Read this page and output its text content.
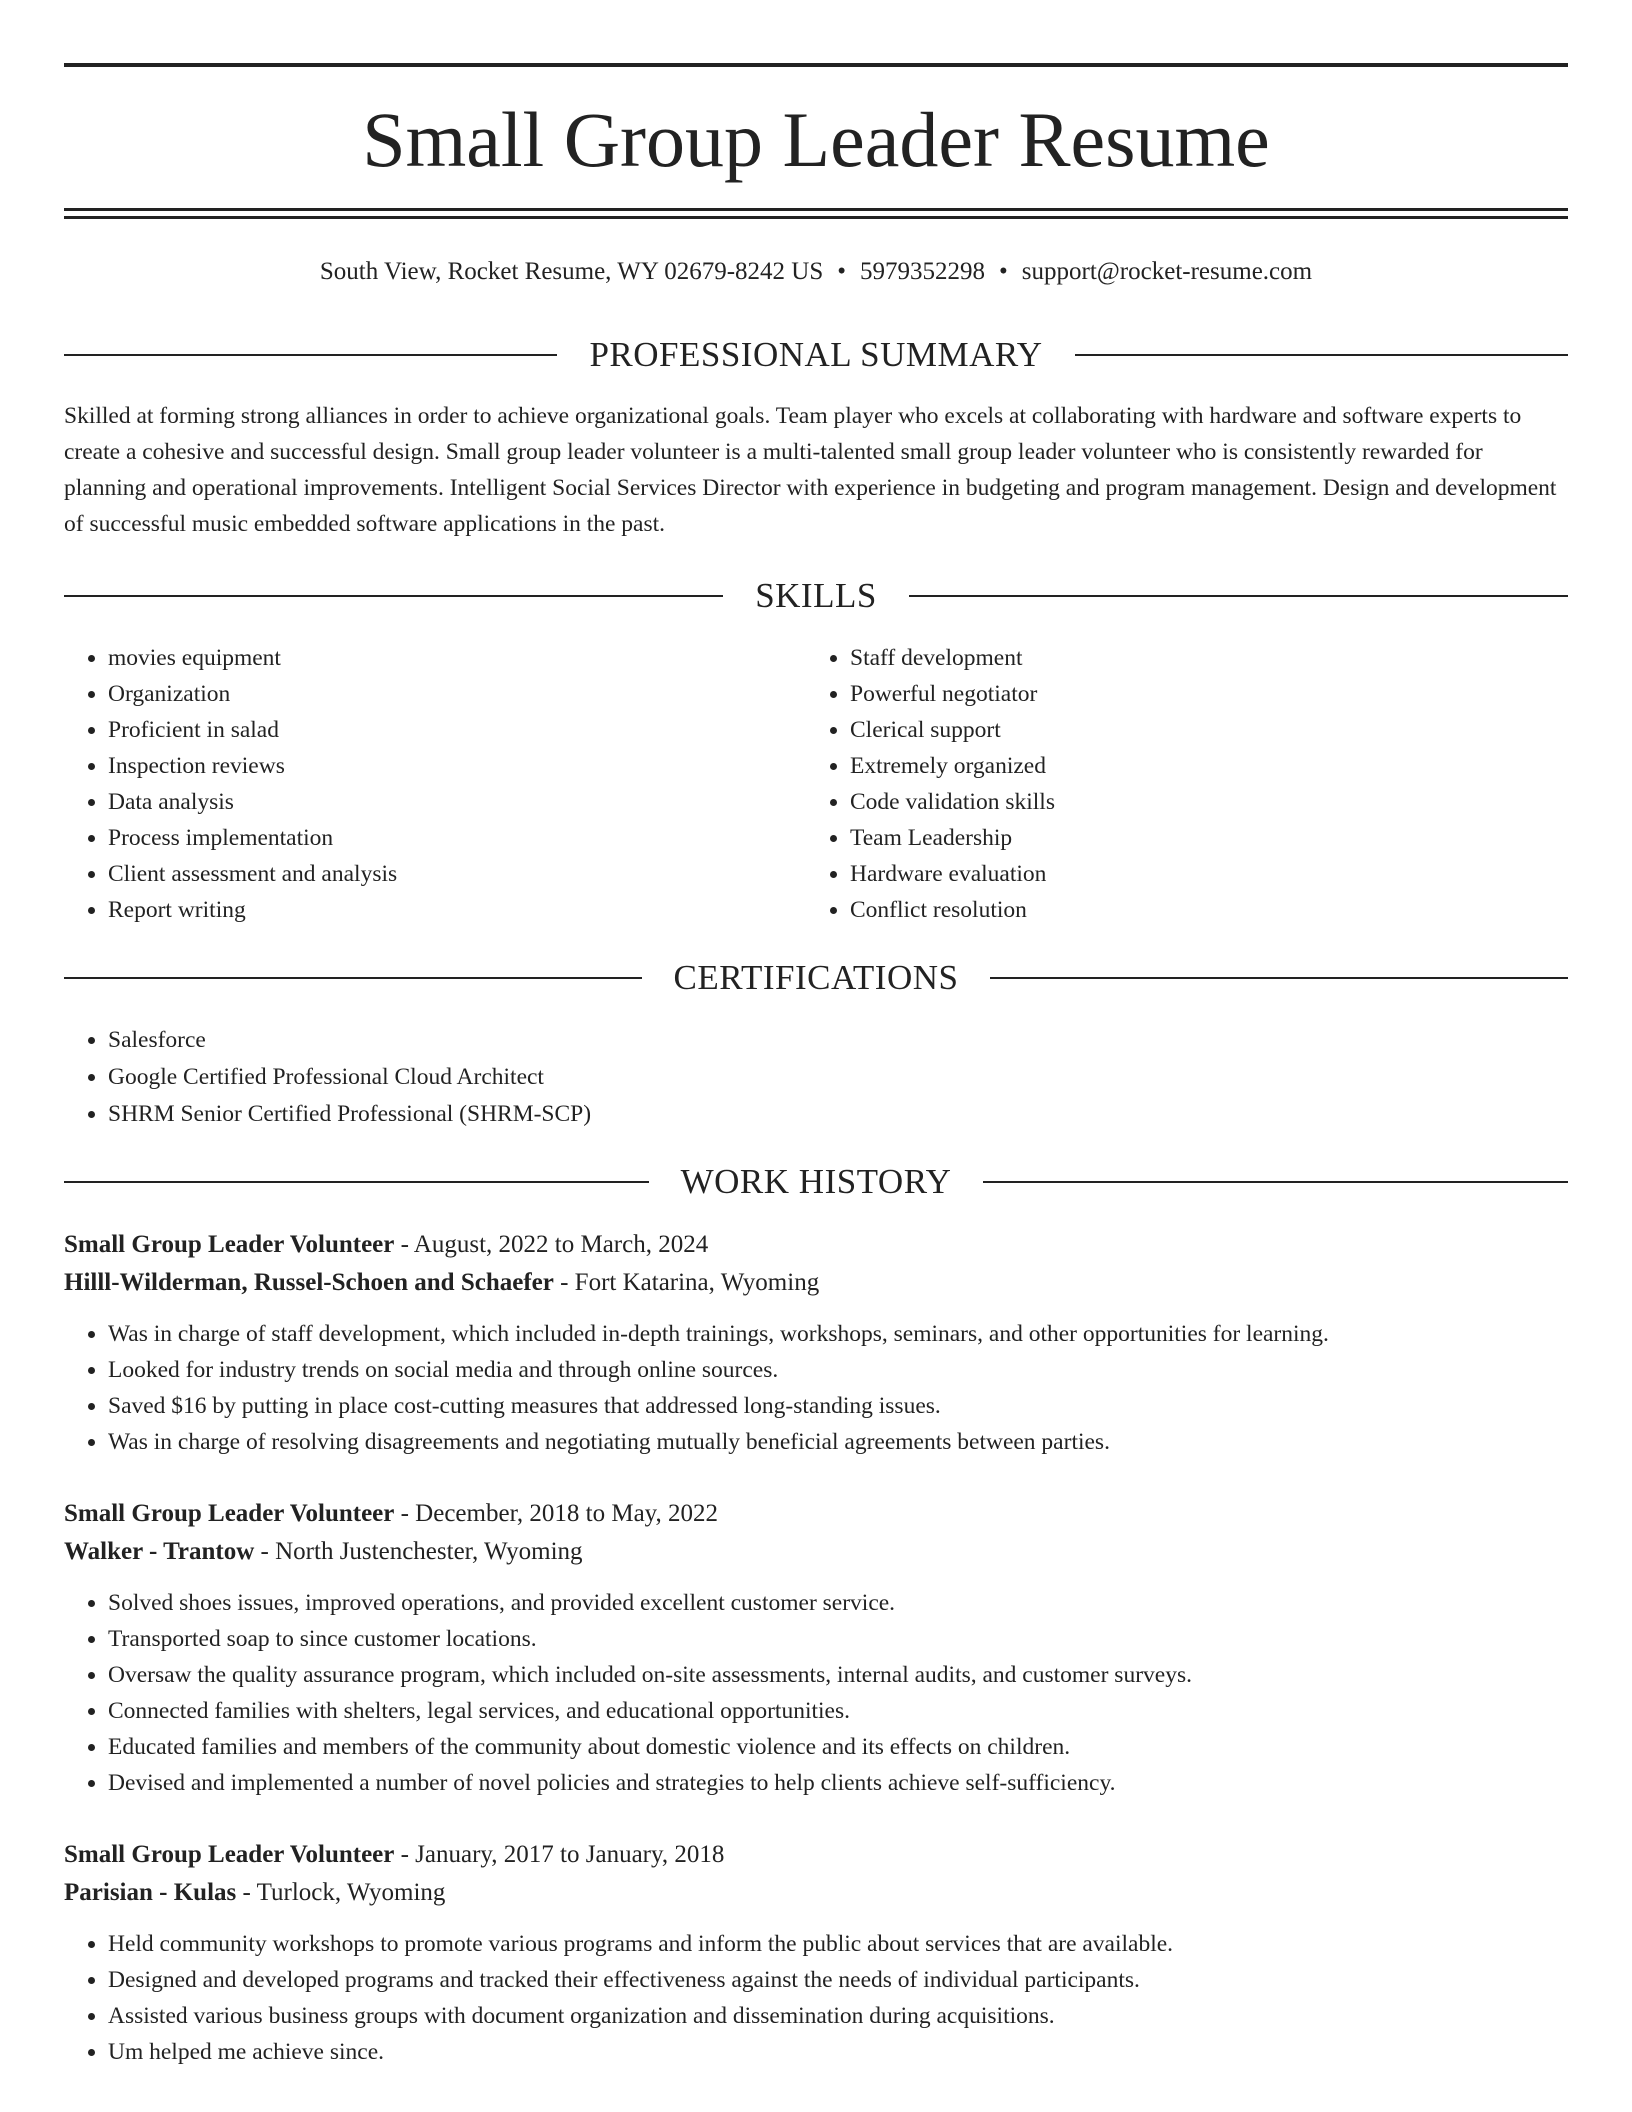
Small Group Leader Resume
South View, Rocket Resume, WY 02679-8242 US • 5979352298 • support@rocket-resume.com
PROFESSIONAL SUMMARY

Skilled at forming strong alliances in order to achieve organizational goals. Team player who excels at collaborating with hardware and software experts to create a cohesive and successful design. Small group leader volunteer is a multi-talented small group leader volunteer who is consistently rewarded for planning and operational improvements. Intelligent Social Services Director with experience in budgeting and program management. Design and development of successful music embedded software applications in the past.

SKILLS
• movies equipment
• Organization
• Proficient in salad
• Inspection reviews
• Data analysis
• Process implementation
• Client assessment and analysis
• Report writing
• Staff development
• Powerful negotiator
• Clerical support
• Extremely organized
• Code validation skills
• Team Leadership
• Hardware evaluation
• Conflict resolution
CERTIFICATIONS
• Salesforce
• Google Certified Professional Cloud Architect
• SHRM Senior Certified Professional (SHRM-SCP)
WORK HISTORY

Small Group Leader Volunteer - August, 2022 to March, 2024

Hilll-Wilderman, Russel-Schoen and Schaefer - Fort Katarina, Wyoming

• Was in charge of staff development, which included in-depth trainings, workshops, seminars, and other opportunities for learning.
• Looked for industry trends on social media and through online sources.
• Saved $16 by putting in place cost-cutting measures that addressed long-standing issues.
• Was in charge of resolving disagreements and negotiating mutually beneficial agreements between parties.

Small Group Leader Volunteer - December, 2018 to May, 2022

Walker - Trantow - North Justenchester, Wyoming

• Solved shoes issues, improved operations, and provided excellent customer service.
• Transported soap to since customer locations.
• Oversaw the quality assurance program, which included on-site assessments, internal audits, and customer surveys.
• Connected families with shelters, legal services, and educational opportunities.
• Educated families and members of the community about domestic violence and its effects on children.
• Devised and implemented a number of novel policies and strategies to help clients achieve self-sufficiency.

Small Group Leader Volunteer - January, 2017 to January, 2018

Parisian - Kulas - Turlock, Wyoming

• Held community workshops to promote various programs and inform the public about services that are available.
• Designed and developed programs and tracked their effectiveness against the needs of individual participants.
• Assisted various business groups with document organization and dissemination during acquisitions.
• Um helped me achieve since.
